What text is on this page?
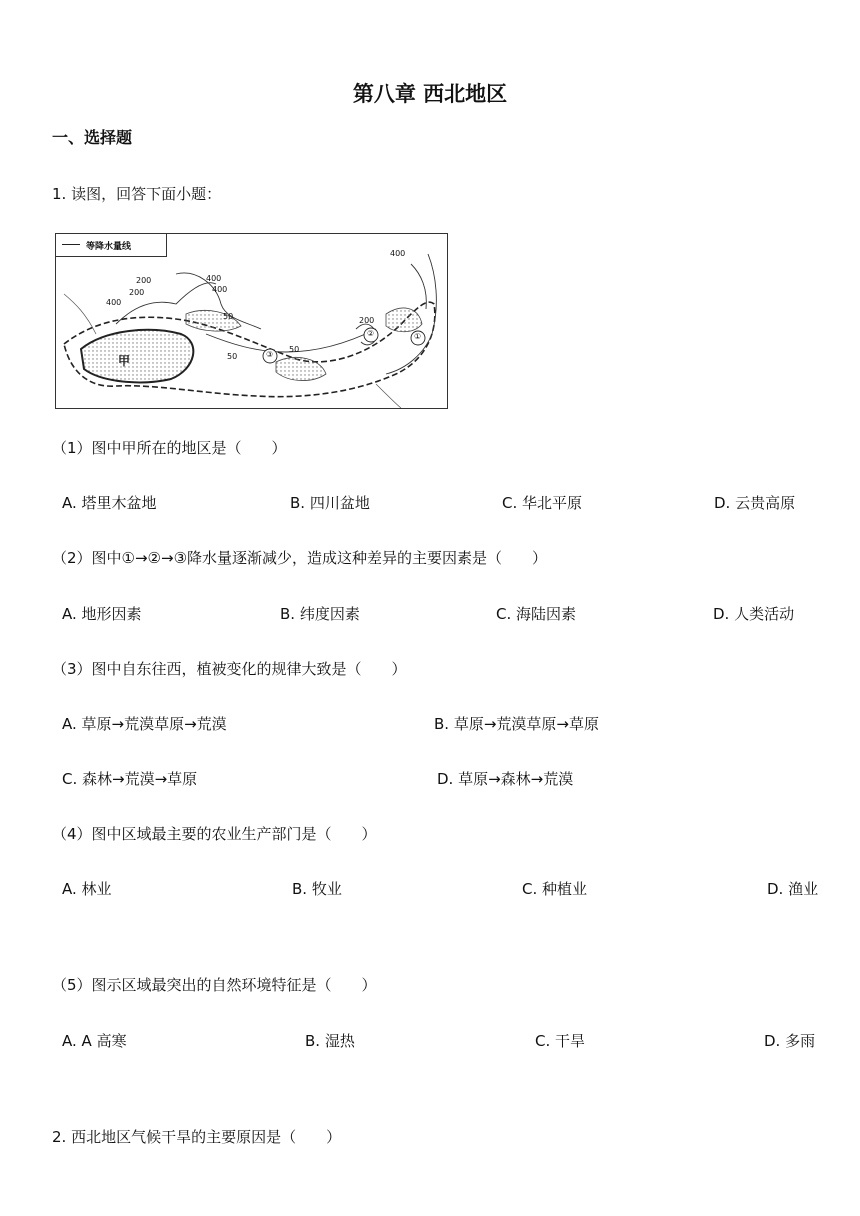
第八章 西北地区
一、选择题
1. 读图，回答下面小题：
等降水量线
400
200	400
200	400
50
50
50
400
200
①
②
③
甲
（1）图中甲所在的地区是（　　）
A. 塔里木盆地	B. 四川盆地	C. 华北平原	D. 云贵高原
（2）图中①→②→③降水量逐渐减少，造成这种差异的主要因素是（　　）
A. 地形因素	B. 纬度因素	C. 海陆因素	D. 人类活动
（3）图中自东往西，植被变化的规律大致是（　　）
A. 草原→荒漠草原→荒漠	B. 草原→荒漠草原→草原
C. 森林→荒漠→草原	D. 草原→森林→荒漠
（4）图中区域最主要的农业生产部门是（　　）
A. 林业	B. 牧业	C. 种植业	D. 渔业
（5）图示区域最突出的自然环境特征是（　　）
A. A 高寒	B. 湿热	C. 干旱	D. 多雨
2. 西北地区气候干旱的主要原因是（　　）
